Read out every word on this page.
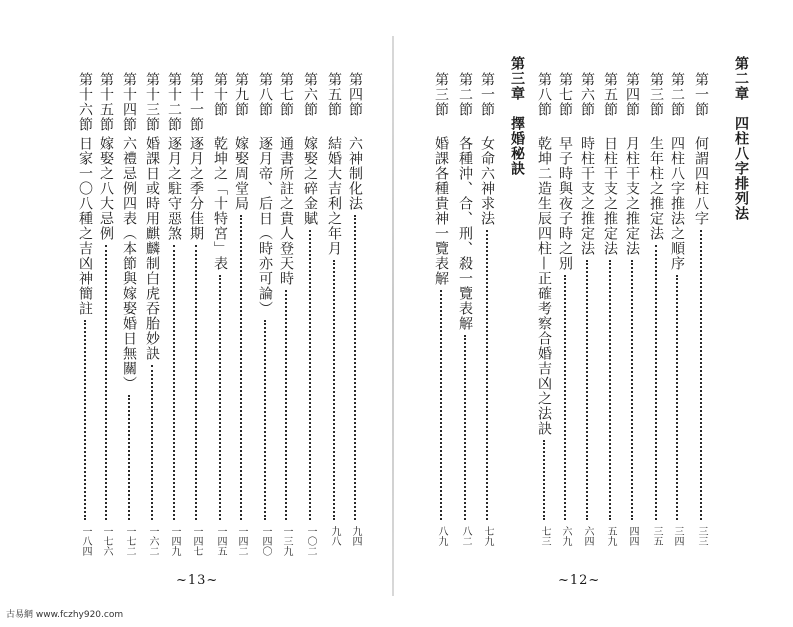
第四節
六神制化法
九四
第五節
結婚大吉利之年月
九八
第六節
嫁娶之碎金賦
一〇二
第七節
通書所註之貴人登天時
一三九
第八節
逐月帝、后日（時亦可論）
一四〇
第九節
嫁娶周堂局
一四二
第十節
乾坤之「十特宮」表
一四五
第十一節
逐月之季分佳期
一四七
第十二節
逐月之駐守惡煞
一四九
第十三節
婚課日或時用麒麟制白虎吞胎妙訣
一六二
第十四節
六禮忌例四表（本節與嫁娶婚日無關）
一七二
第十五節
嫁娶之八大忌例
一七六
第十六節
日家一〇八種之吉凶神簡註
一八四
~13~
第二章
四柱八字排列法
第一節
何謂四柱八字
三三
第二節
四柱八字推法之順序
三四
第三節
生年柱之推定法
三五
第四節
月柱干支之推定法
四四
第五節
日柱干支之推定法
五九
第六節
時柱干支之推定法
六四
第七節
早子時與夜子時之別
六九
第八節
乾坤二造生辰四柱—正確考察合婚吉凶之法訣
七三
第三章
擇婚秘訣
第一節
女命六神求法
七九
第二節
各種沖、合、刑、殺一覽表解
八二
第三節
婚課各種貴神一覽表解
八九
~12~
古易網 www.fczhy920.com
